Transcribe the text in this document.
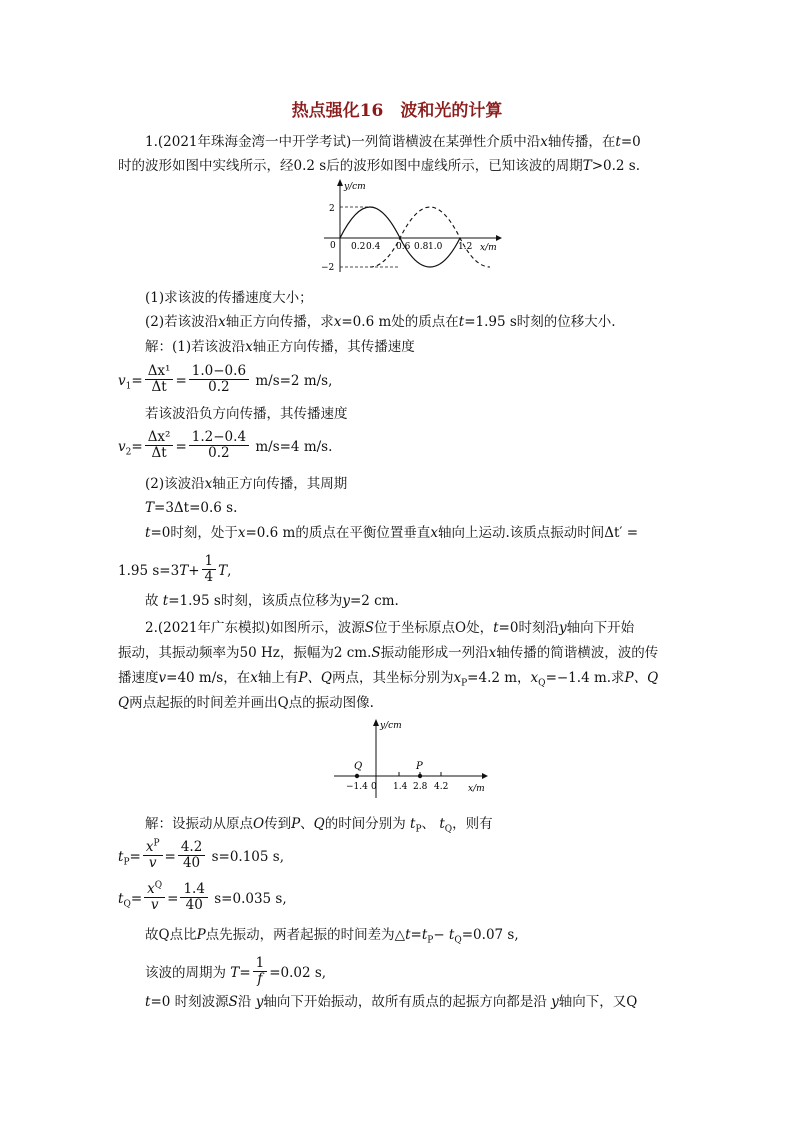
热点强化16　波和光的计算
1.(2021年珠海金湾一中开学考试)一列简谐横波在某弹性介质中沿x轴传播，在t=0
时的波形如图中实线所示，经0.2 s后的波形如图中虚线所示，已知该波的周期T>0.2 s.
y/cm
x/m
2
−2
0 0.2 0.4 0.6 0.8 1.0 1.2
(1)求该波的传播速度大小；
(2)若该波沿x轴正方向传播，求x=0.6 m处的质点在t=1.95 s时刻的位移大小.
解：(1)若该波沿x轴正方向传播，其传播速度
$v_1= \frac{\text{Δx¹}}{\Delta t} = \frac{1.0-0.6}{0.2} m/s=2$ m/s,
若该波沿负方向传播，其传播速度
$v_2= \frac{\text{Δx²}}{\Delta t} = \frac{1.2-0.4}{0.2} m/s=4$ m/s.
(2)该波沿x轴正方向传播，其周期
T=3Δt=0.6 s.
t=0时刻，处于x=0.6 m的质点在平衡位置垂直x轴向上运动.该质点振动时间Δt′ =
1.95 $s=3T+ \frac{1}{4} T$,
故 t=1.95 s时刻，该质点位移为y=2 cm.
2.(2021年广东模拟)如图所示，波源S位于坐标原点O处，t=0时刻沿y轴向下开始
振动，其振动频率为50 Hz，振幅为2 cm.S振动能形成一列沿x轴传播的简谐横波，波的传
播速度v=40 m/s，在x轴上有P、Q两点，其坐标分别为$x_P=4.2$ m，$x_Q=-1.4$ m.求P、Q
Q两点起振的时间差并画出Q点的振动图像.
y/cm
x/m
Q	P
−1.4 0 1.4 2.8 4.2
解：设振动从原点O传到P、Q的时间分别为 $t_P$、 $t_Q$，则有
$t_P= \frac{x^P}{v} = \frac{4.2}{40} s=0.105$ s,
$t_Q= \frac{x^Q}{v} = \frac{1.4}{40} s=0.035$ s,
故Q点比P点先振动，两者起振的时间差为$\triangle t=t_P- t_Q=0.07$ s,
该波的周期为 $T= \frac{1}{f} =0.02$ s,
t=0 时刻波源S沿 y轴向下开始振动，故所有质点的起振方向都是沿 y轴向下，又Q
